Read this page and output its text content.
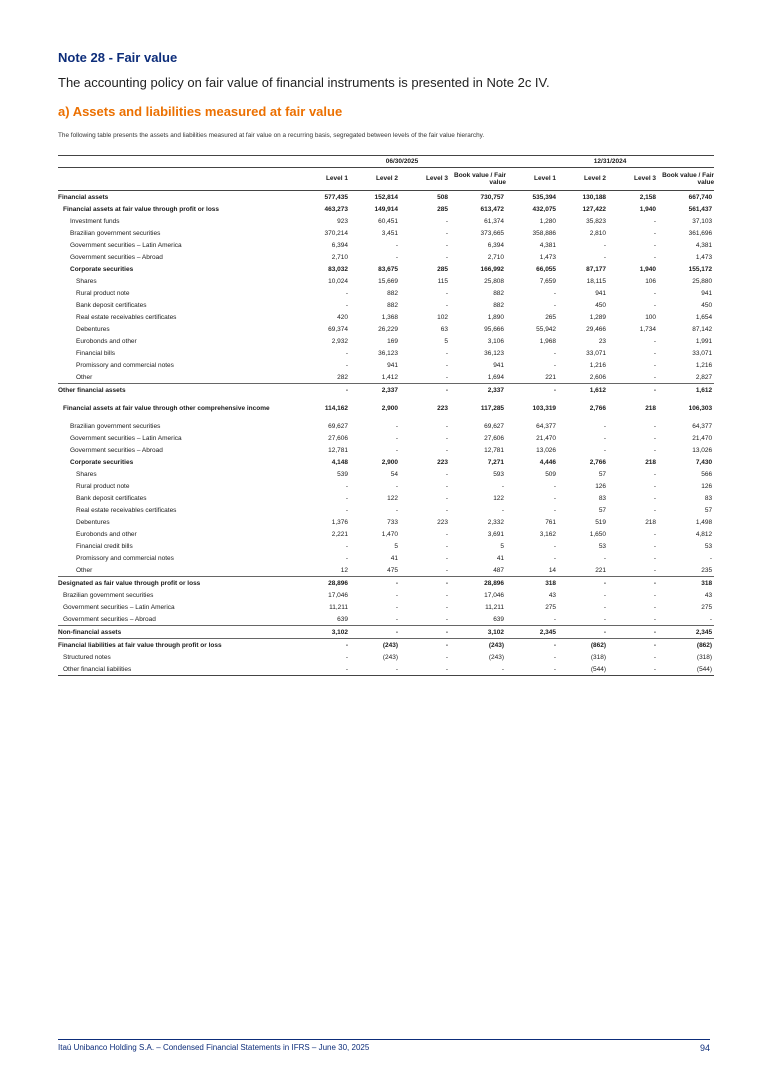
Note 28 - Fair value
The accounting policy on fair value of financial instruments is presented in Note 2c IV.
a) Assets and liabilities measured at fair value
The following table presents the assets and liabilities measured at fair value on a recurring basis, segregated between levels of the fair value hierarchy.
	06/30/2025				12/31/2024			
	Level 1	Level 2	Level 3	Book value / Fair value	Level 1	Level 2	Level 3	Book value / Fair value
Financial assets	577,435	152,814	508	730,757	535,394	130,188	2,158	667,740
Financial assets at fair value through profit or loss	463,273	149,914	285	613,472	432,075	127,422	1,940	561,437
Investment funds	923	60,451	-	61,374	1,280	35,823	-	37,103
Brazilian government securities	370,214	3,451	-	373,665	358,886	2,810	-	361,696
Government securities – Latin America	6,394	-	-	6,394	4,381	-	-	4,381
Government securities – Abroad	2,710	-	-	2,710	1,473	-	-	1,473
Corporate securities	83,032	83,675	285	166,992	66,055	87,177	1,940	155,172
Shares	10,024	15,669	115	25,808	7,659	18,115	106	25,880
Rural product note	-	882	-	882	-	941	-	941
Bank deposit certificates	-	882	-	882	-	450	-	450
Real estate receivables certificates	420	1,368	102	1,890	265	1,289	100	1,654
Debentures	69,374	26,229	63	95,666	55,942	29,466	1,734	87,142
Eurobonds and other	2,932	169	5	3,106	1,968	23	-	1,991
Financial bills	-	36,123	-	36,123	-	33,071	-	33,071
Promissory and commercial notes	-	941	-	941	-	1,216	-	1,216
Other	282	1,412	-	1,694	221	2,606	-	2,827
Other financial assets	-	2,337	-	2,337	-	1,612	-	1,612
Financial assets at fair value through other comprehensive income	114,162	2,900	223	117,285	103,319	2,766	218	106,303
Brazilian government securities	69,627	-	-	69,627	64,377	-	-	64,377
Government securities – Latin America	27,606	-	-	27,606	21,470	-	-	21,470
Government securities – Abroad	12,781	-	-	12,781	13,026	-	-	13,026
Corporate securities	4,148	2,900	223	7,271	4,446	2,766	218	7,430
Shares	539	54	-	593	509	57	-	566
Rural product note	-	-	-	-	-	126	-	126
Bank deposit certificates	-	122	-	122	-	83	-	83
Real estate receivables certificates	-	-	-	-	-	57	-	57
Debentures	1,376	733	223	2,332	761	519	218	1,498
Eurobonds and other	2,221	1,470	-	3,691	3,162	1,650	-	4,812
Financial credit bills	-	5	-	5	-	53	-	53
Promissory and commercial notes	-	41	-	41	-	-	-	-
Other	12	475	-	487	14	221	-	235
Designated as fair value through profit or loss	28,896	-	-	28,896	318	-	-	318
Brazilian government securities	17,046	-	-	17,046	43	-	-	43
Government securities – Latin America	11,211	-	-	11,211	275	-	-	275
Government securities – Abroad	639	-	-	639	-	-	-	-
Non-financial assets	3,102	-	-	3,102	2,345	-	-	2,345
Financial liabilities at fair value through profit or loss	-	(243)	-	(243)	-	(862)	-	(862)
Structured notes	-	(243)	-	(243)	-	(318)	-	(318)
Other financial liabilities	-	-	-	-	-	(544)	-	(544)
Itaú Unibanco Holding S.A. – Condensed Financial Statements in IFRS – June 30, 2025	94
